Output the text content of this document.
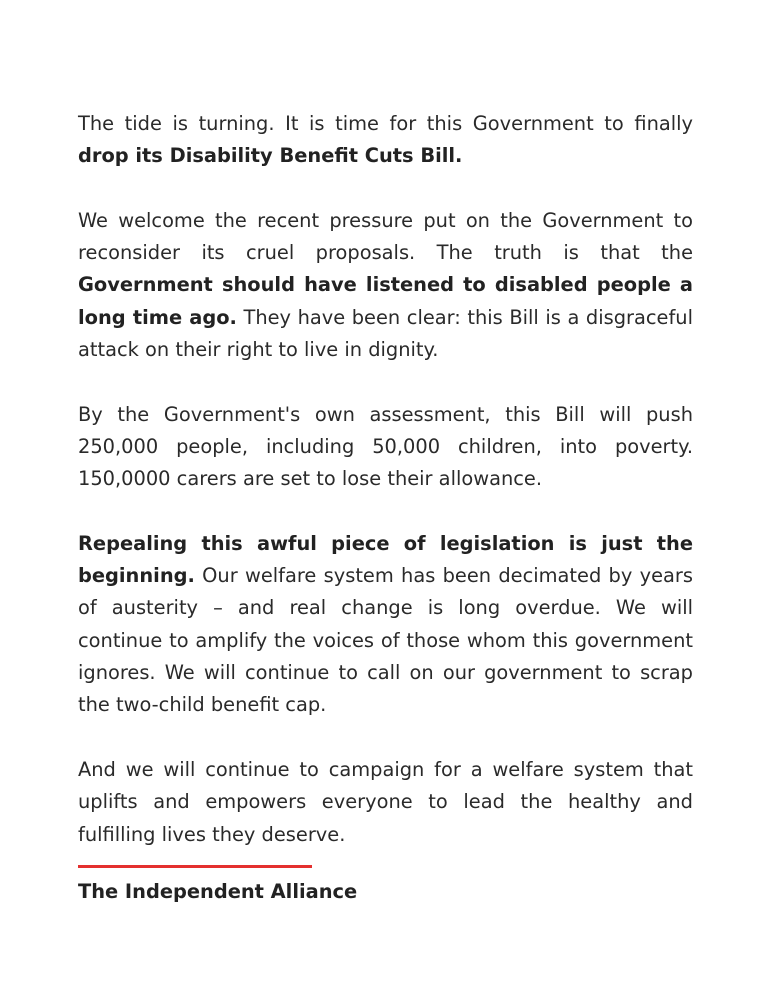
The tide is turning. It is time for this Government to finally drop its Disability Benefit Cuts Bill.

We welcome the recent pressure put on the Government to reconsider its cruel proposals. The truth is that the Government should have listened to disabled people a long time ago. They have been clear: this Bill is a disgraceful attack on their right to live in dignity.

By the Government's own assessment, this Bill will push 250,000 people, including 50,000 children, into poverty. 150,0000 carers are set to lose their allowance.

Repealing this awful piece of legislation is just the beginning. Our welfare system has been decimated by years of austerity – and real change is long overdue. We will continue to amplify the voices of those whom this government ignores. We will continue to call on our government to scrap the two-child benefit cap.

And we will continue to campaign for a welfare system that uplifts and empowers everyone to lead the healthy and fulfilling lives they deserve.

The Independent Alliance
